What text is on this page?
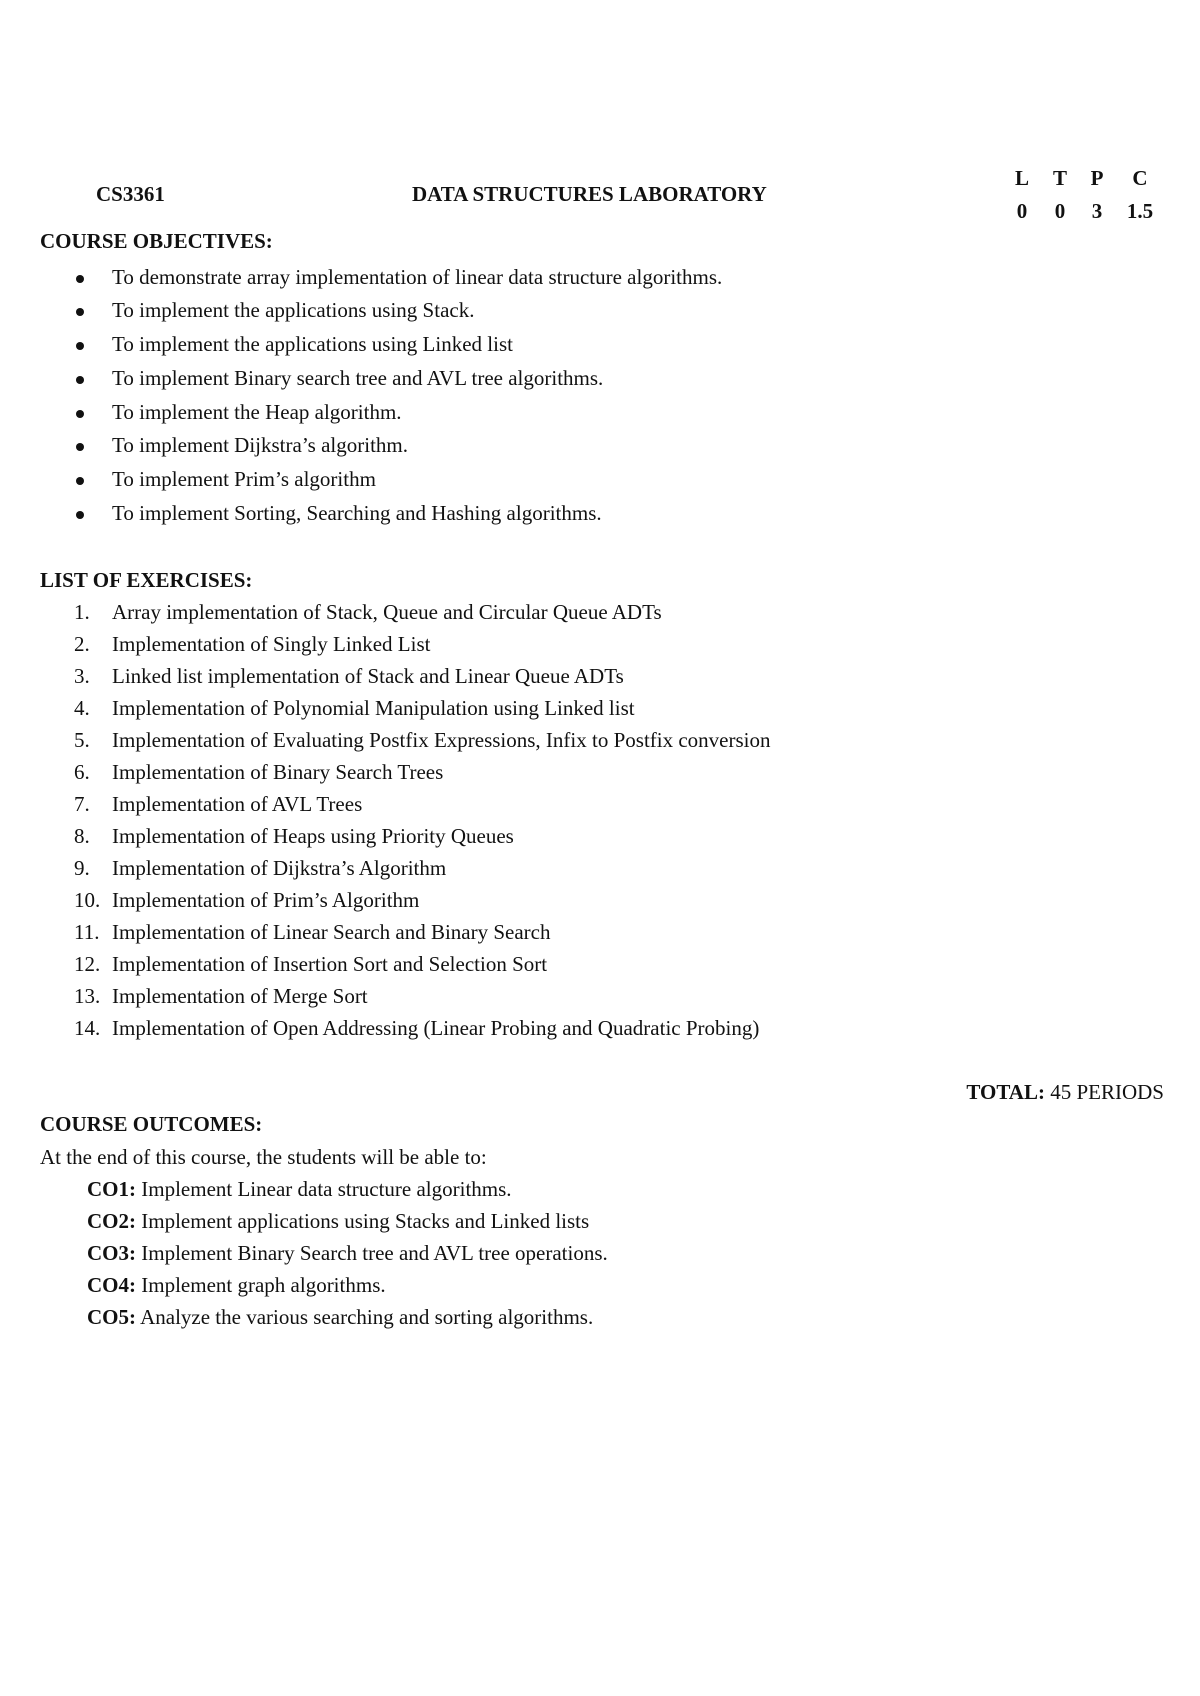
CS3361	DATA STRUCTURES LABORATORY
L	T	P	C
0	0	3	1.5
COURSE OBJECTIVES:
To demonstrate array implementation of linear data structure algorithms.
To implement the applications using Stack.
To implement the applications using Linked list
To implement Binary search tree and AVL tree algorithms.
To implement the Heap algorithm.
To implement Dijkstra’s algorithm.
To implement Prim’s algorithm
To implement Sorting, Searching and Hashing algorithms.
LIST OF EXERCISES:
1. Array implementation of Stack, Queue and Circular Queue ADTs
2. Implementation of Singly Linked List
3. Linked list implementation of Stack and Linear Queue ADTs
4. Implementation of Polynomial Manipulation using Linked list
5. Implementation of Evaluating Postfix Expressions, Infix to Postfix conversion
6. Implementation of Binary Search Trees
7. Implementation of AVL Trees
8. Implementation of Heaps using Priority Queues
9. Implementation of Dijkstra’s Algorithm
10. Implementation of Prim’s Algorithm
11. Implementation of Linear Search and Binary Search
12. Implementation of Insertion Sort and Selection Sort
13. Implementation of Merge Sort
14. Implementation of Open Addressing (Linear Probing and Quadratic Probing)
TOTAL: 45 PERIODS
COURSE OUTCOMES:
At the end of this course, the students will be able to:
CO1: Implement Linear data structure algorithms.
CO2: Implement applications using Stacks and Linked lists
CO3: Implement Binary Search tree and AVL tree operations.
CO4: Implement graph algorithms.
CO5: Analyze the various searching and sorting algorithms.
